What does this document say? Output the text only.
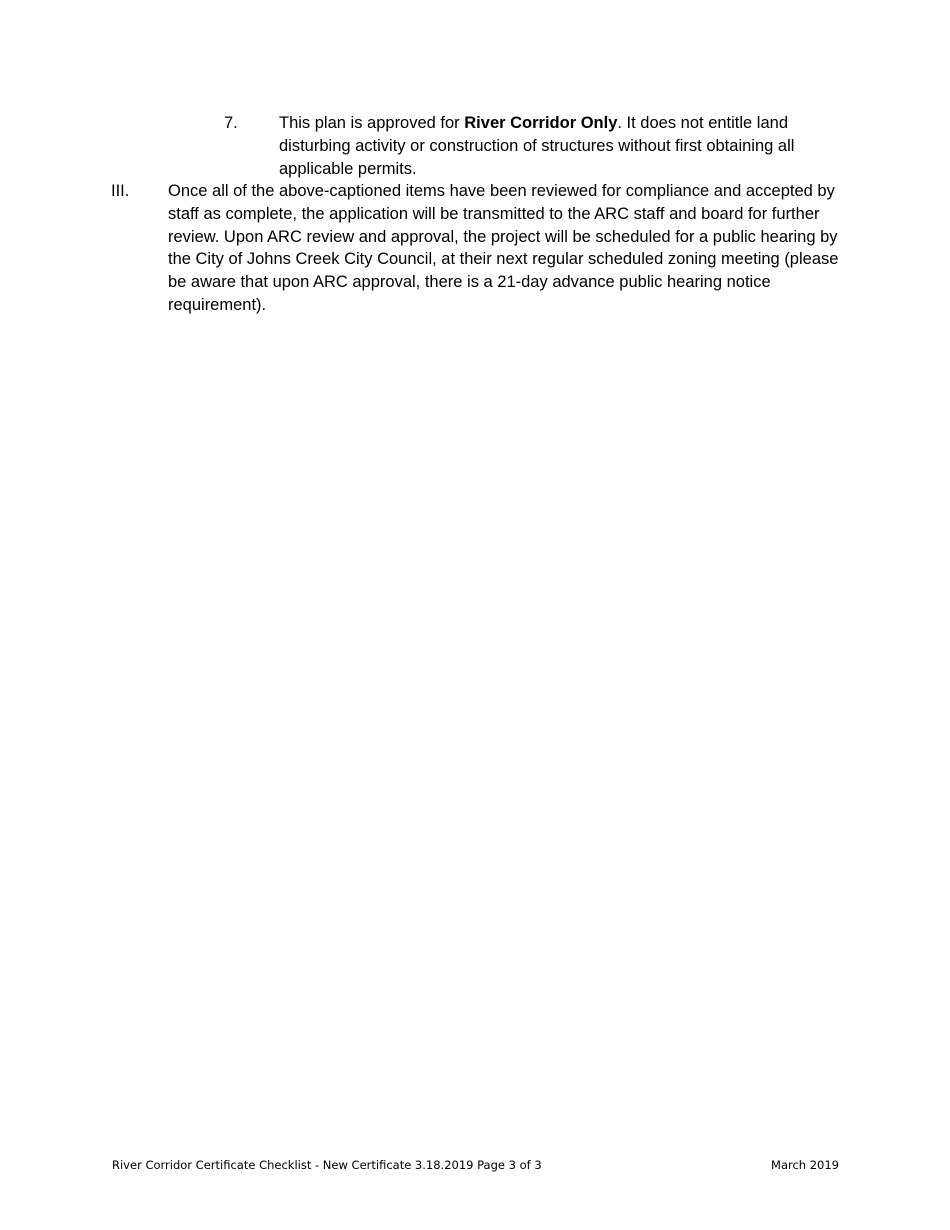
7. This plan is approved for River Corridor Only. It does not entitle land disturbing activity or construction of structures without first obtaining all applicable permits.
III. Once all of the above-captioned items have been reviewed for compliance and accepted by staff as complete, the application will be transmitted to the ARC staff and board for further review. Upon ARC review and approval, the project will be scheduled for a public hearing by the City of Johns Creek City Council, at their next regular scheduled zoning meeting (please be aware that upon ARC approval, there is a 21-day advance public hearing notice requirement).
River Corridor Certificate Checklist - New Certificate 3.18.2019 Page 3 of 3	March 2019
